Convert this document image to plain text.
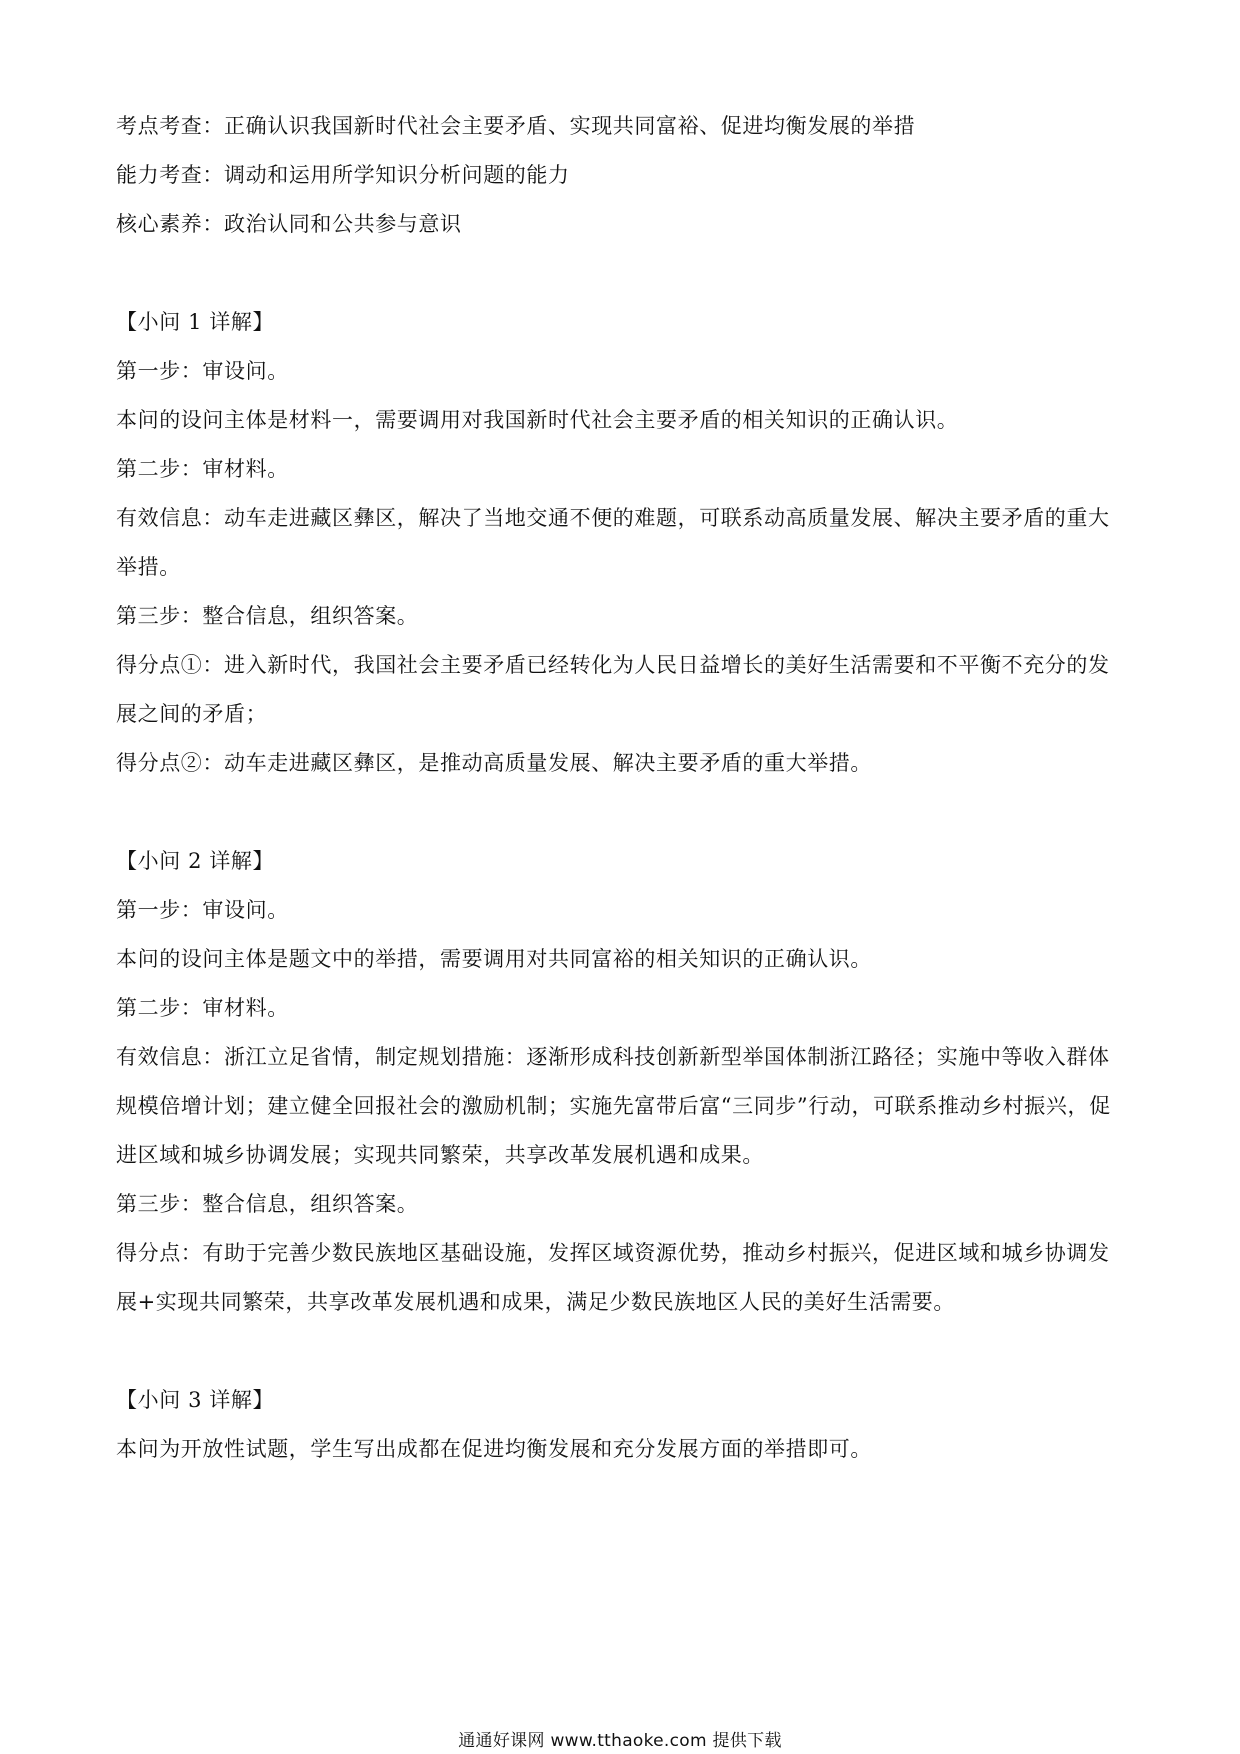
考点考查：正确认识我国新时代社会主要矛盾、实现共同富裕、促进均衡发展的举措

能力考查：调动和运用所学知识分析问题的能力

核心素养：政治认同和公共参与意识

【小问 1 详解】

第一步：审设问。

本问的设问主体是材料一，需要调用对我国新时代社会主要矛盾的相关知识的正确认识。

第二步：审材料。

有效信息：动车走进藏区彝区，解决了当地交通不便的难题，可联系动高质量发展、解决主要矛盾的重大举措。

第三步：整合信息，组织答案。

得分点①：进入新时代，我国社会主要矛盾已经转化为人民日益增长的美好生活需要和不平衡不充分的发展之间的矛盾；

得分点②：动车走进藏区彝区，是推动高质量发展、解决主要矛盾的重大举措。

【小问 2 详解】

第一步：审设问。

本问的设问主体是题文中的举措，需要调用对共同富裕的相关知识的正确认识。

第二步：审材料。

有效信息：浙江立足省情，制定规划措施：逐渐形成科技创新新型举国体制浙江路径；实施中等收入群体规模倍增计划；建立健全回报社会的激励机制；实施先富带后富“三同步”行动，可联系推动乡村振兴，促进区域和城乡协调发展；实现共同繁荣，共享改革发展机遇和成果。

第三步：整合信息，组织答案。

得分点：有助于完善少数民族地区基础设施，发挥区域资源优势，推动乡村振兴，促进区域和城乡协调发展+实现共同繁荣，共享改革发展机遇和成果，满足少数民族地区人民的美好生活需要。

【小问 3 详解】

本问为开放性试题，学生写出成都在促进均衡发展和充分发展方面的举措即可。

通通好课网 www.tthaoke.com 提供下载
